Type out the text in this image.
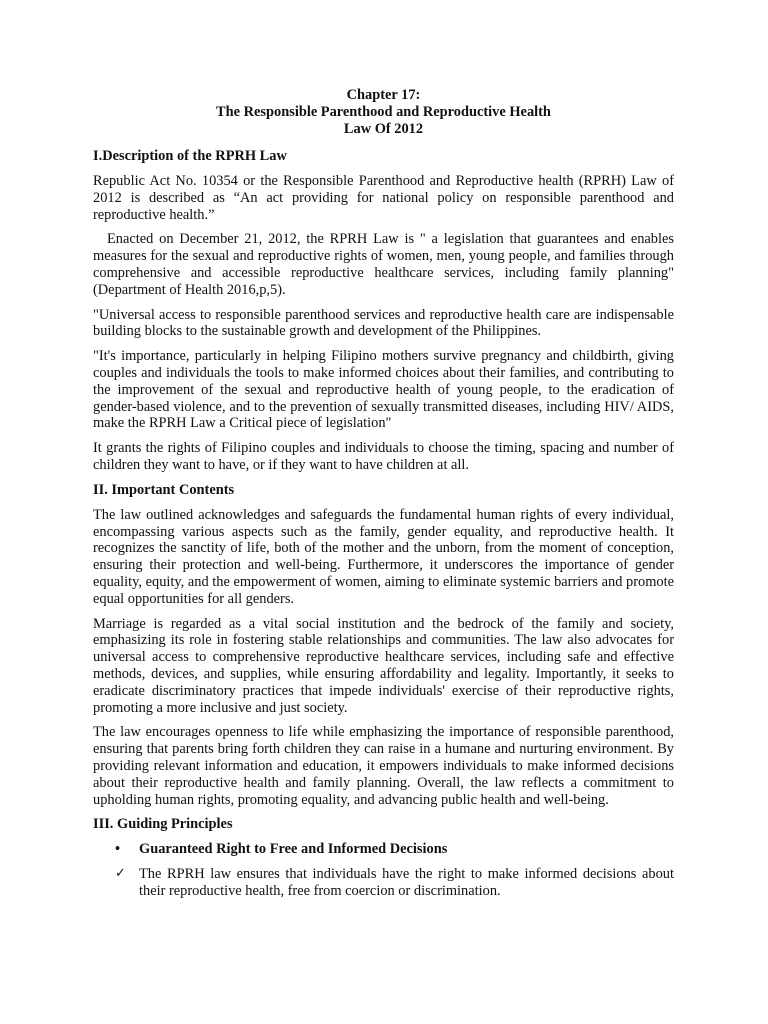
Chapter 17:
The Responsible Parenthood and Reproductive Health
Law Of 2012
I.Description of the RPRH Law

Republic Act No. 10354 or the Responsible Parenthood and Reproductive health (RPRH) Law of 2012 is described as “An act providing for national policy on responsible parenthood and reproductive health.”

Enacted on December 21, 2012, the RPRH Law is " a legislation that guarantees and enables measures for the sexual and reproductive rights of women, men, young people, and families through comprehensive and accessible reproductive healthcare services, including family planning" (Department of Health 2016,p,5).

"Universal access to responsible parenthood services and reproductive health care are indispensable building blocks to the sustainable growth and development of the Philippines.

"It's importance, particularly in helping Filipino mothers survive pregnancy and childbirth, giving couples and individuals the tools to make informed choices about their families, and contributing to the improvement of the sexual and reproductive health of young people, to the eradication of gender-based violence, and to the prevention of sexually transmitted diseases, including HIV/ AIDS, make the RPRH Law a Critical piece of legislation"

It grants the rights of Filipino couples and individuals to choose the timing, spacing and number of children they want to have, or if they want to have children at all.

II. Important Contents

The law outlined acknowledges and safeguards the fundamental human rights of every individual, encompassing various aspects such as the family, gender equality, and reproductive health. It recognizes the sanctity of life, both of the mother and the unborn, from the moment of conception, ensuring their protection and well-being. Furthermore, it underscores the importance of gender equality, equity, and the empowerment of women, aiming to eliminate systemic barriers and promote equal opportunities for all genders.

Marriage is regarded as a vital social institution and the bedrock of the family and society, emphasizing its role in fostering stable relationships and communities. The law also advocates for universal access to comprehensive reproductive healthcare services, including safe and effective methods, devices, and supplies, while ensuring affordability and legality. Importantly, it seeks to eradicate discriminatory practices that impede individuals' exercise of their reproductive rights, promoting a more inclusive and just society.

The law encourages openness to life while emphasizing the importance of responsible parenthood, ensuring that parents bring forth children they can raise in a humane and nurturing environment. By providing relevant information and education, it empowers individuals to make informed decisions about their reproductive health and family planning. Overall, the law reflects a commitment to upholding human rights, promoting equality, and advancing public health and well-being.

III. Guiding Principles
•	Guaranteed Right to Free and Informed Decisions
✓ The RPRH law ensures that individuals have the right to make informed decisions about their reproductive health, free from coercion or discrimination.
